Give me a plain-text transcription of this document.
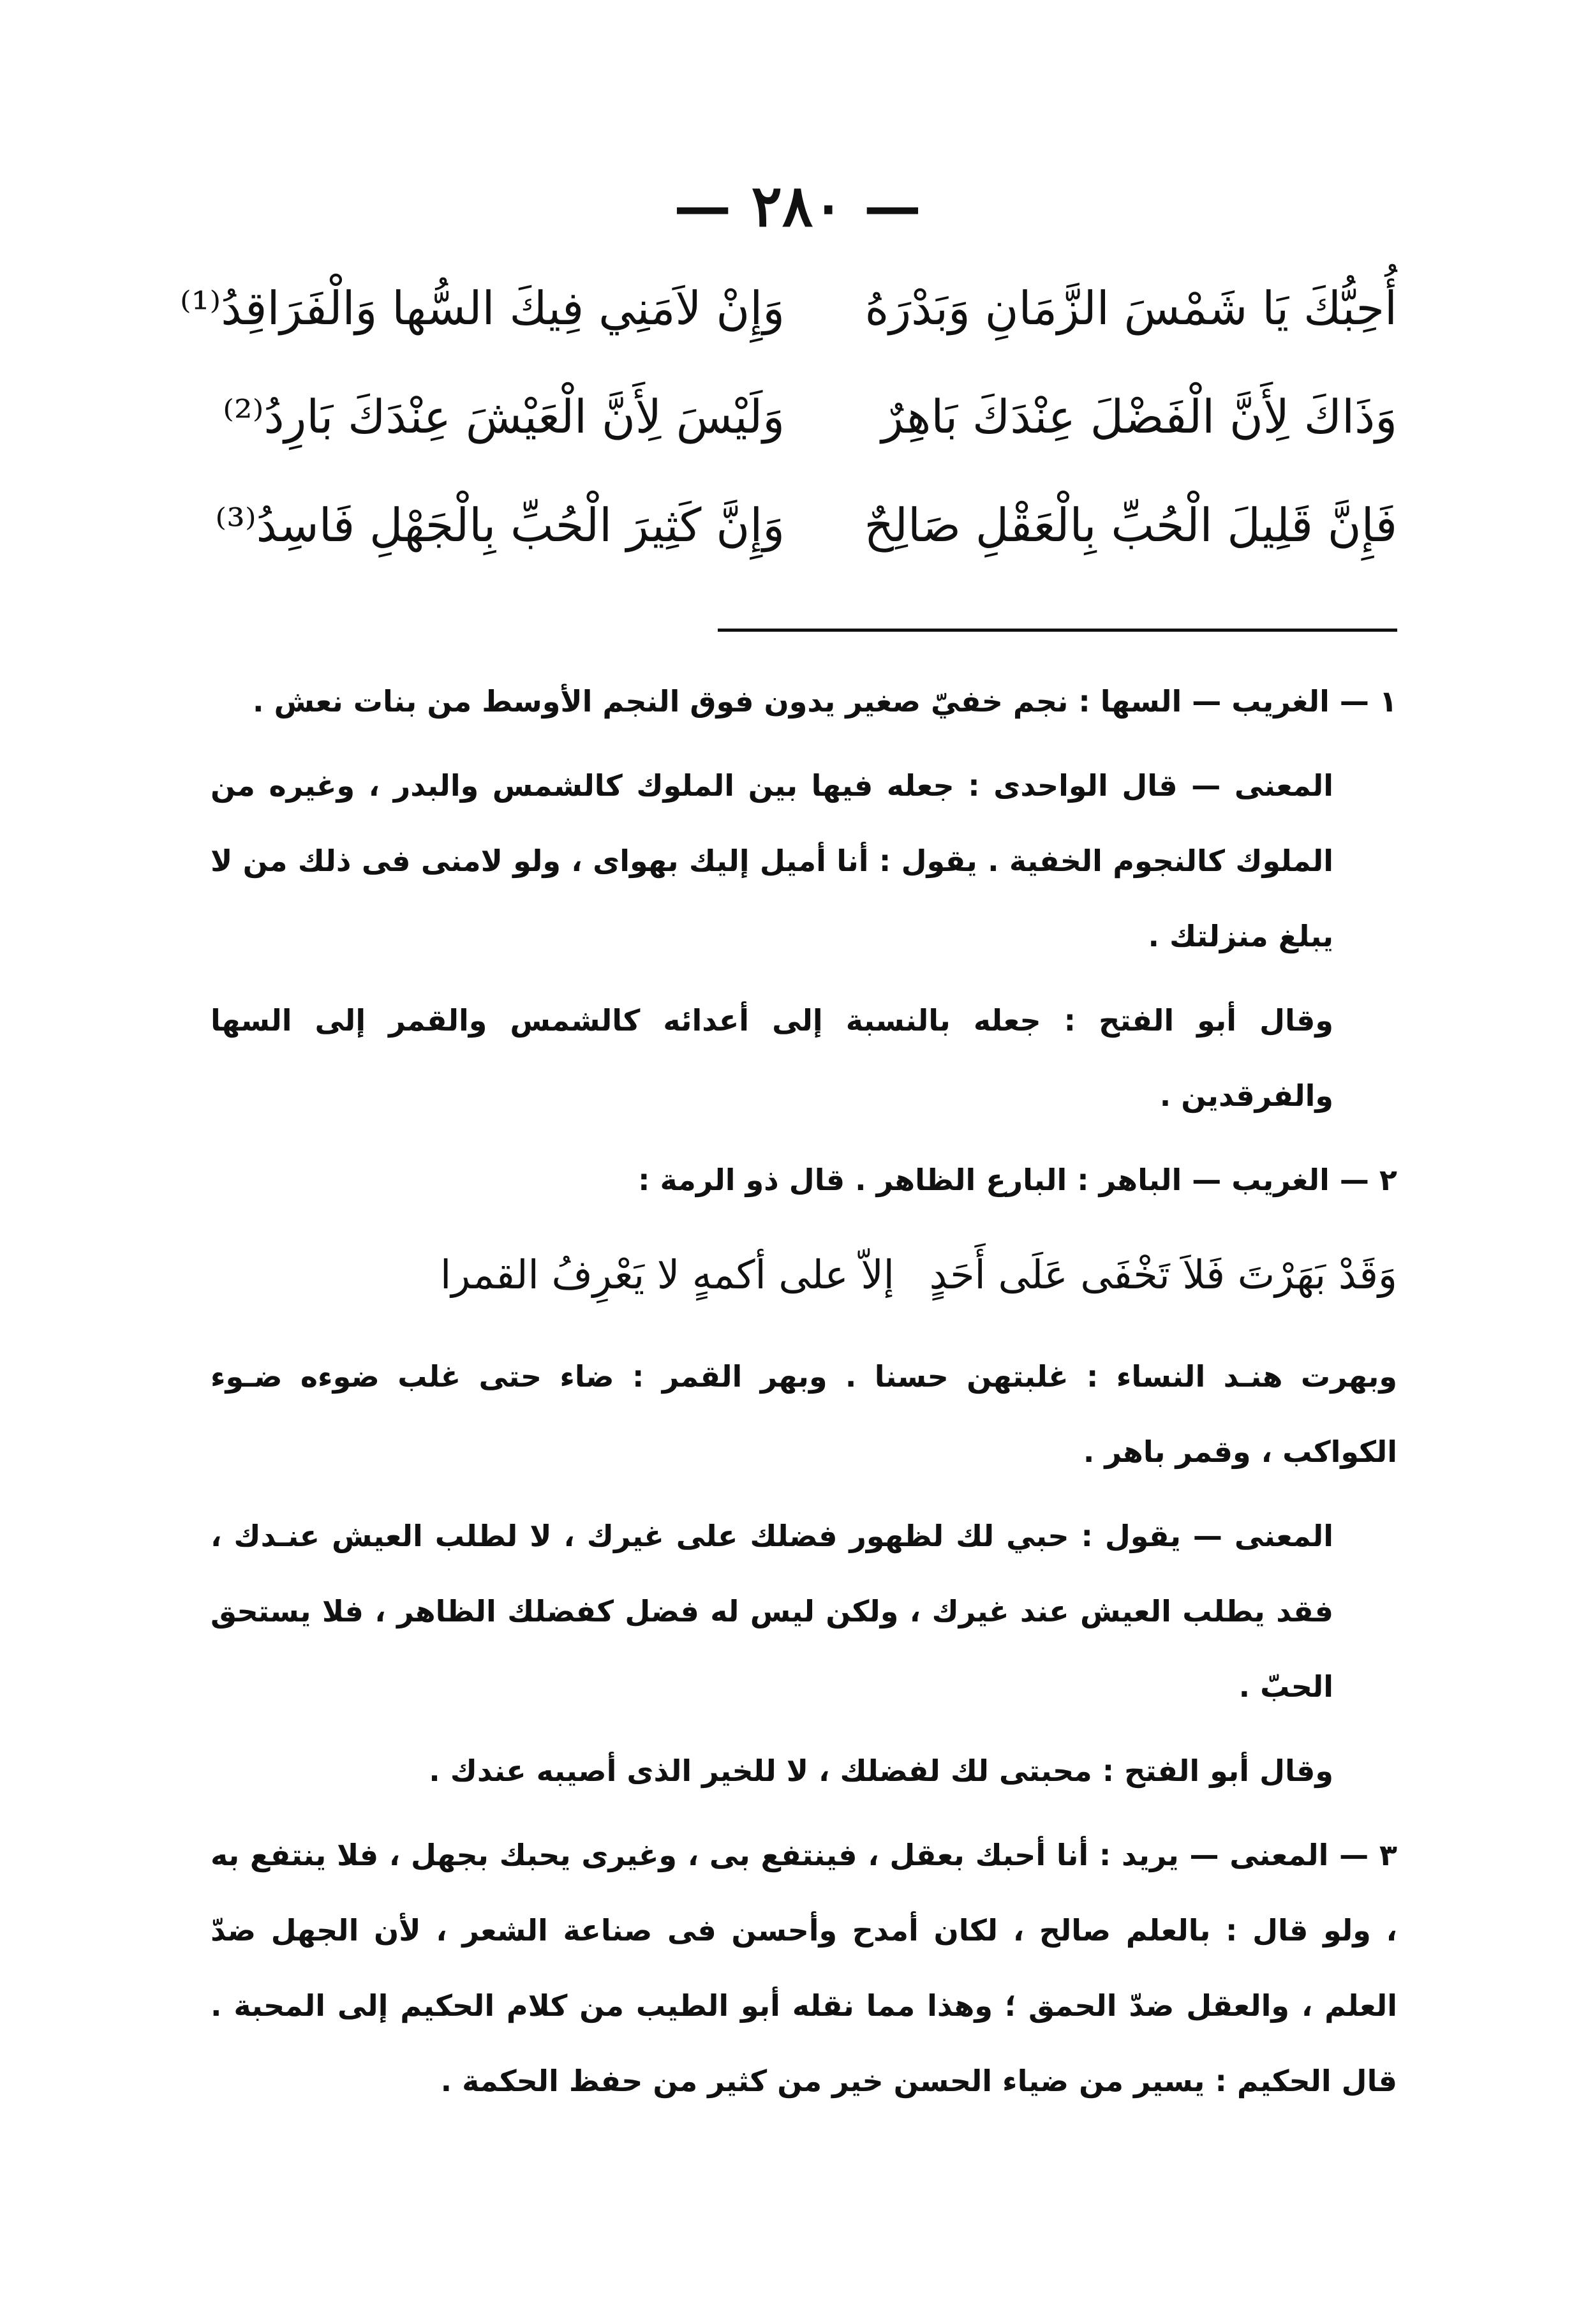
— ٢٨٠ —
أُحِبُّكَ يَا شَمْسَ الزَّمَانِ وَبَدْرَهُ
وَإِنْ لاَمَنِي فِيكَ السُّها وَالْفَرَاقِدُ⁽¹⁾
وَذَاكَ لِأَنَّ الْفَضْلَ عِنْدَكَ بَاهِرٌ
وَلَيْسَ لِأَنَّ الْعَيْشَ عِنْدَكَ بَارِدُ⁽²⁾
فَإِنَّ قَلِيلَ الْحُبِّ بِالْعَقْلِ صَالِحٌ
وَإِنَّ كَثِيرَ الْحُبِّ بِالْجَهْلِ فَاسِدُ⁽³⁾

١ — الغريب — السها : نجم خفيّ صغير يدون فوق النجم الأوسط من بنات نعش .

المعنى — قال الواحدى : جعله فيها بين الملوك كالشمس والبدر ، وغيره من الملوك كالنجوم الخفية . يقول : أنا أميل إليك بهواى ، ولو لامنى فى ذلك من لا يبلغ منزلتك .

وقال أبو الفتح : جعله بالنسبة إلى أعدائه كالشمس والقمر إلى السها والفرقدين .

٢ — الغريب — الباهر : البارع الظاهر . قال ذو الرمة :

وَقَدْ بَهَرْتَ فَلاَ تَخْفَى عَلَى أَحَدٍ
إلاّ على أكمهٍ لا يَعْرِفُ القمرا

وبهرت هنـد النساء : غلبتهن حسنا . وبهر القمر : ضاء حتى غلب ضوءه ضـوء الكواكب ، وقمر باهر .

المعنى — يقول : حبي لك لظهور فضلك على غيرك ، لا لطلب العيش عنـدك ، فقد يطلب العيش عند غيرك ، ولكن ليس له فضل كفضلك الظاهر ، فلا يستحق الحبّ .

وقال أبو الفتح : محبتى لك لفضلك ، لا للخير الذى أصيبه عندك .

٣ — المعنى — يريد : أنا أحبك بعقل ، فينتفع بى ، وغيرى يحبك بجهل ، فلا ينتفع به ، ولو قال : بالعلم صالح ، لكان أمدح وأحسن فى صناعة الشعر ، لأن الجهل ضدّ العلم ، والعقل ضدّ الحمق ؛ وهذا مما نقله أبو الطيب من كلام الحكيم إلى المحبة . قال الحكيم : يسير من ضياء الحسن خير من كثير من حفظ الحكمة .
